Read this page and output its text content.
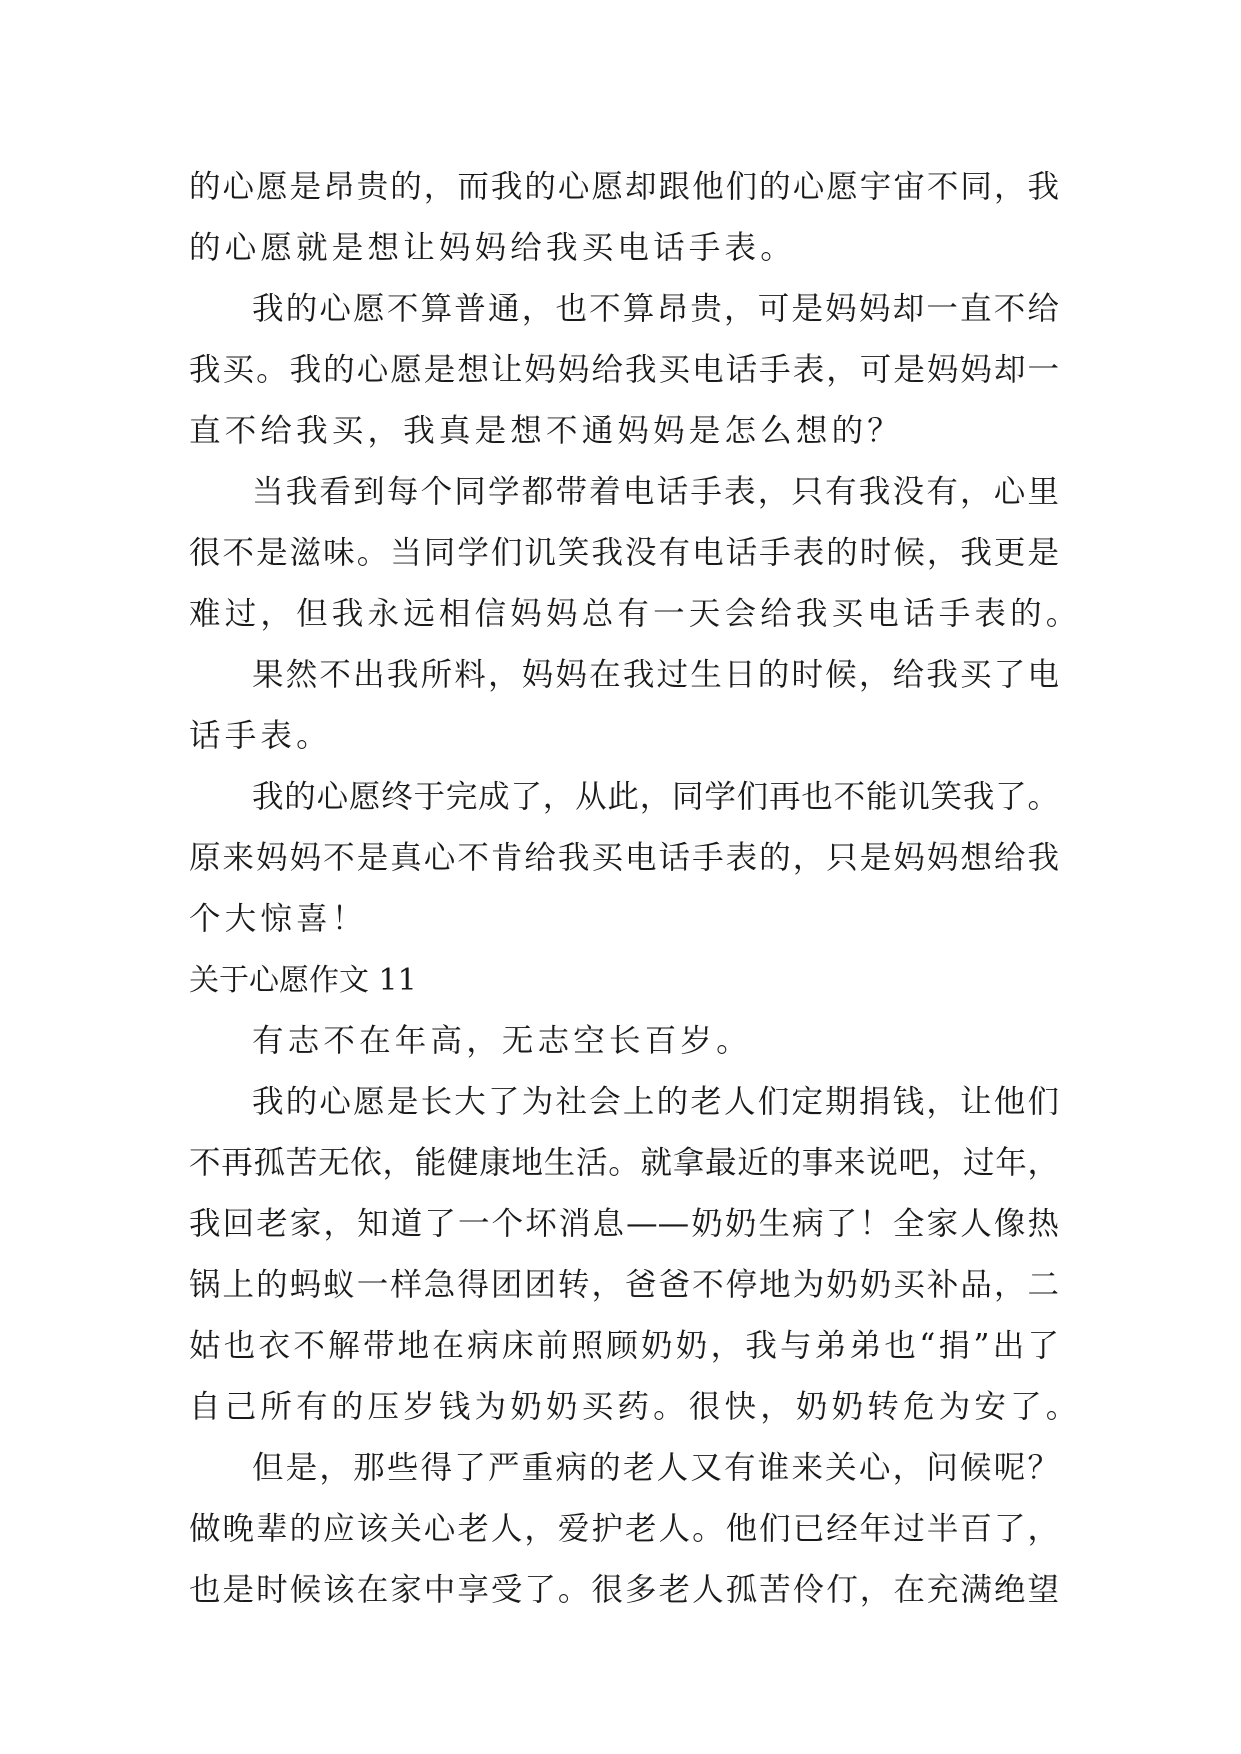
的心愿是昂贵的，而我的心愿却跟他们的心愿宇宙不同，我
的心愿就是想让妈妈给我买电话手表。
我的心愿不算普通，也不算昂贵，可是妈妈却一直不给
我买。我的心愿是想让妈妈给我买电话手表，可是妈妈却一
直不给我买，我真是想不通妈妈是怎么想的？
当我看到每个同学都带着电话手表，只有我没有，心里
很不是滋味。当同学们讥笑我没有电话手表的时候，我更是
难过，但我永远相信妈妈总有一天会给我买电话手表的。
果然不出我所料，妈妈在我过生日的时候，给我买了电
话手表。
我的心愿终于完成了，从此，同学们再也不能讥笑我了。
原来妈妈不是真心不肯给我买电话手表的，只是妈妈想给我
个大惊喜！
关于心愿作文 11
有志不在年高，无志空长百岁。
我的心愿是长大了为社会上的老人们定期捐钱，让他们
不再孤苦无依，能健康地生活。就拿最近的事来说吧，过年，
我回老家，知道了一个坏消息——奶奶生病了！全家人像热
锅上的蚂蚁一样急得团团转，爸爸不停地为奶奶买补品，二
姑也衣不解带地在病床前照顾奶奶，我与弟弟也“捐”出了
自己所有的压岁钱为奶奶买药。很快，奶奶转危为安了。
但是，那些得了严重病的老人又有谁来关心，问候呢？
做晚辈的应该关心老人，爱护老人。他们已经年过半百了，
也是时候该在家中享受了。很多老人孤苦伶仃，在充满绝望
